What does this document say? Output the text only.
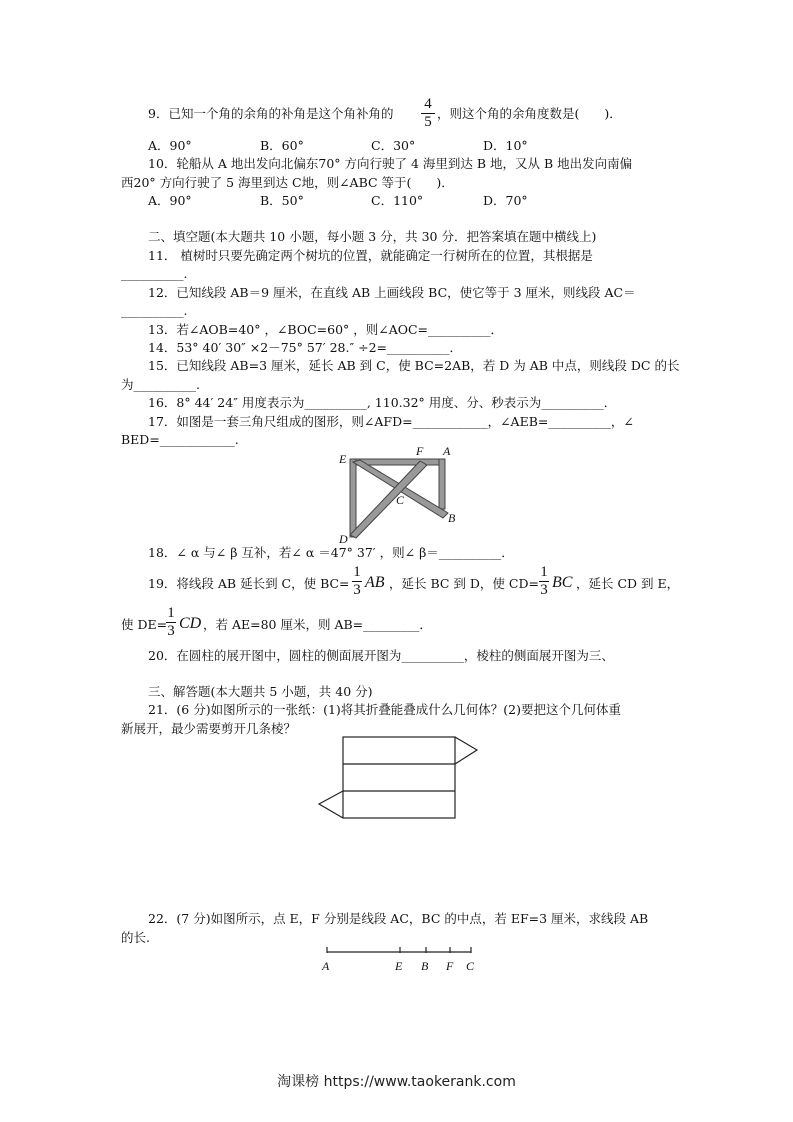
9．已知一个角的余角的补角是这个角补角的
4
5
，则这个角的余角度数是(　　)．
A．90°	B．60°	C．30°	D．10°
10．轮船从 A 地出发向北偏东70° 方向行驶了 4 海里到达 B 地，又从 B 地出发向南偏
西20° 方向行驶了 5 海里到达 C地，则∠ABC 等于(　　)．
A．90°	B．50°	C．110°	D．70°
二、填空题(本大题共 10 小题，每小题 3 分，共 30 分．把答案填在题中横线上)
11． 植树时只要先确定两个树坑的位置，就能确定一行树所在的位置，其根据是
__________.
12．已知线段 AB＝9 厘米，在直线 AB 上画线段 BC，使它等于 3 厘米，则线段 AC＝
__________.
13．若∠AOB=40° ，∠BOC=60° ，则∠AOC=__________．
14．53° 40′ 30″ ×2－75° 57′ 28.″ ÷2=__________．
15．已知线段 AB=3 厘米，延长 AB 到 C，使 BC=2AB，若 D 为 AB 中点，则线段 DC 的长
为__________.
16．8° 44′ 24″ 用度表示为__________, 110.32° 用度、分、秒表示为__________．
17．如图是一套三角尺组成的图形，则∠AFD=____________，∠AEB=__________，∠
BED=____________.
E
F A
C
B
D
18．∠ α 与∠ β 互补，若∠ α ＝47° 37′ ，则∠ β＝__________．
19．将线段 AB 延长到 C，使 BC=
1
3 AB ，延长 BC 到 D，使 CD=
1
3 BC ，延长 CD 到 E，
使 DE=
1
3 CD ，若 AE=80 厘米，则 AB=_________．
20．在圆柱的展开图中，圆柱的侧面展开图为__________，棱柱的侧面展开图为三、
三、解答题(本大题共 5 小题，共 40 分)
21．(6 分)如图所示的一张纸：(1)将其折叠能叠成什么几何体？(2)要把这个几何体重
新展开，最少需要剪开几条棱？
22．(7 分)如图所示，点 E，F 分别是线段 AC，BC 的中点，若 EF=3 厘米，求线段 AB
的长.
A	E B F C
淘课榜 https://www.taokerank.com
